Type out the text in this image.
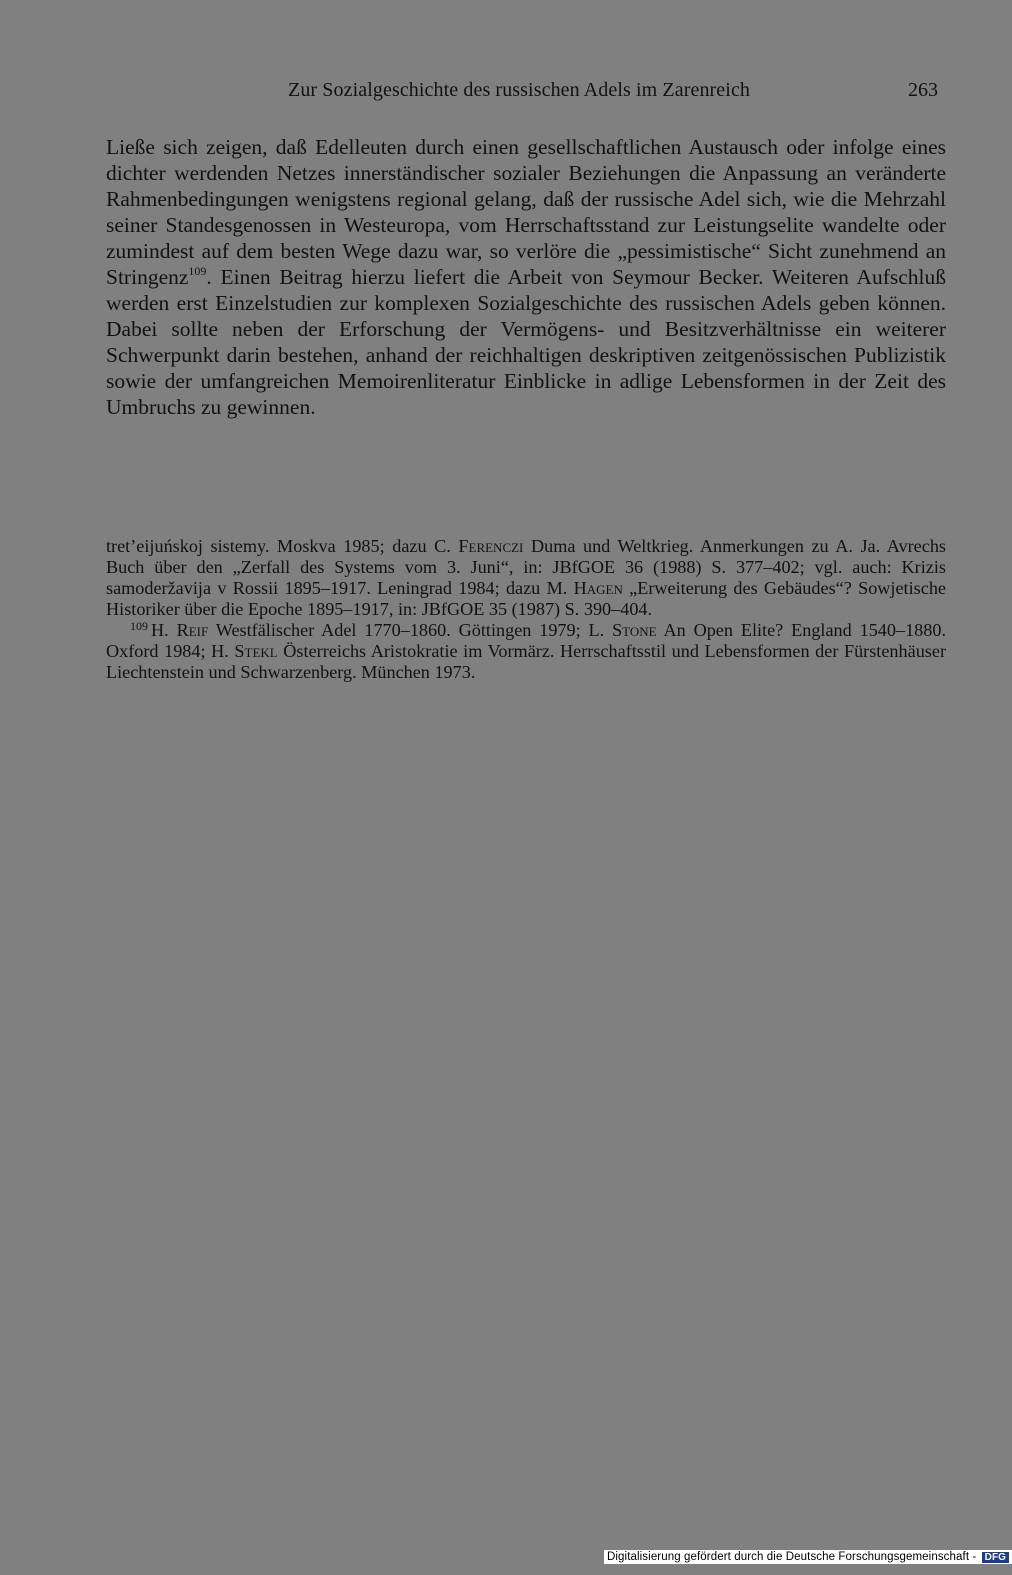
Zur Sozialgeschichte des russischen Adels im Zarenreich	263
Ließe sich zeigen, daß Edelleuten durch einen gesellschaftlichen Austausch oder infolge eines dichter werdenden Netzes innerständischer sozialer Beziehungen die Anpassung an veränderte Rahmenbedingungen wenigstens regional gelang, daß der russische Adel sich, wie die Mehrzahl seiner Standesgenossen in Westeuropa, vom Herrschaftsstand zur Leistungselite wandelte oder zumindest auf dem besten Wege dazu war, so verlöre die „pessimistische“ Sicht zunehmend an Stringenz$^{109}$. Einen Beitrag hierzu liefert die Arbeit von Seymour Becker. Weiteren Aufschluß werden erst Einzelstudien zur komplexen Sozialgeschichte des russischen Adels geben können. Dabei sollte neben der Erforschung der Vermögens- und Besitzverhältnisse ein weiterer Schwerpunkt darin bestehen, anhand der reichhaltigen deskriptiven zeitgenössischen Publizistik sowie der umfangreichen Memoirenliteratur Einblicke in adlige Lebensformen in der Zeit des Umbruchs zu gewinnen.

tret’eijuńskoj sistemy. Moskva 1985; dazu C. Ferenczi Duma und Weltkrieg. Anmerkungen zu A. Ja. Avrechs Buch über den „Zerfall des Systems vom 3. Juni“, in: JBfGOE 36 (1988) S. 377–402; vgl. auch: Krizis samoderžavija v Rossii 1895–1917. Leningrad 1984; dazu M. Hagen „Erweiterung des Gebäudes“? Sowjetische Historiker über die Epoche 1895–1917, in: JBfGOE 35 (1987) S. 390–404.

$^{109}$ H. Reif Westfälischer Adel 1770–1860. Göttingen 1979; L. Stone An Open Elite? England 1540–1880. Oxford 1984; H. Stekl Österreichs Aristokratie im Vormärz. Herrschaftsstil und Lebensformen der Fürstenhäuser Liechtenstein und Schwarzenberg. München 1973.

Digitalisierung gefördert durch die Deutsche Forschungsgemeinschaft - DFG
